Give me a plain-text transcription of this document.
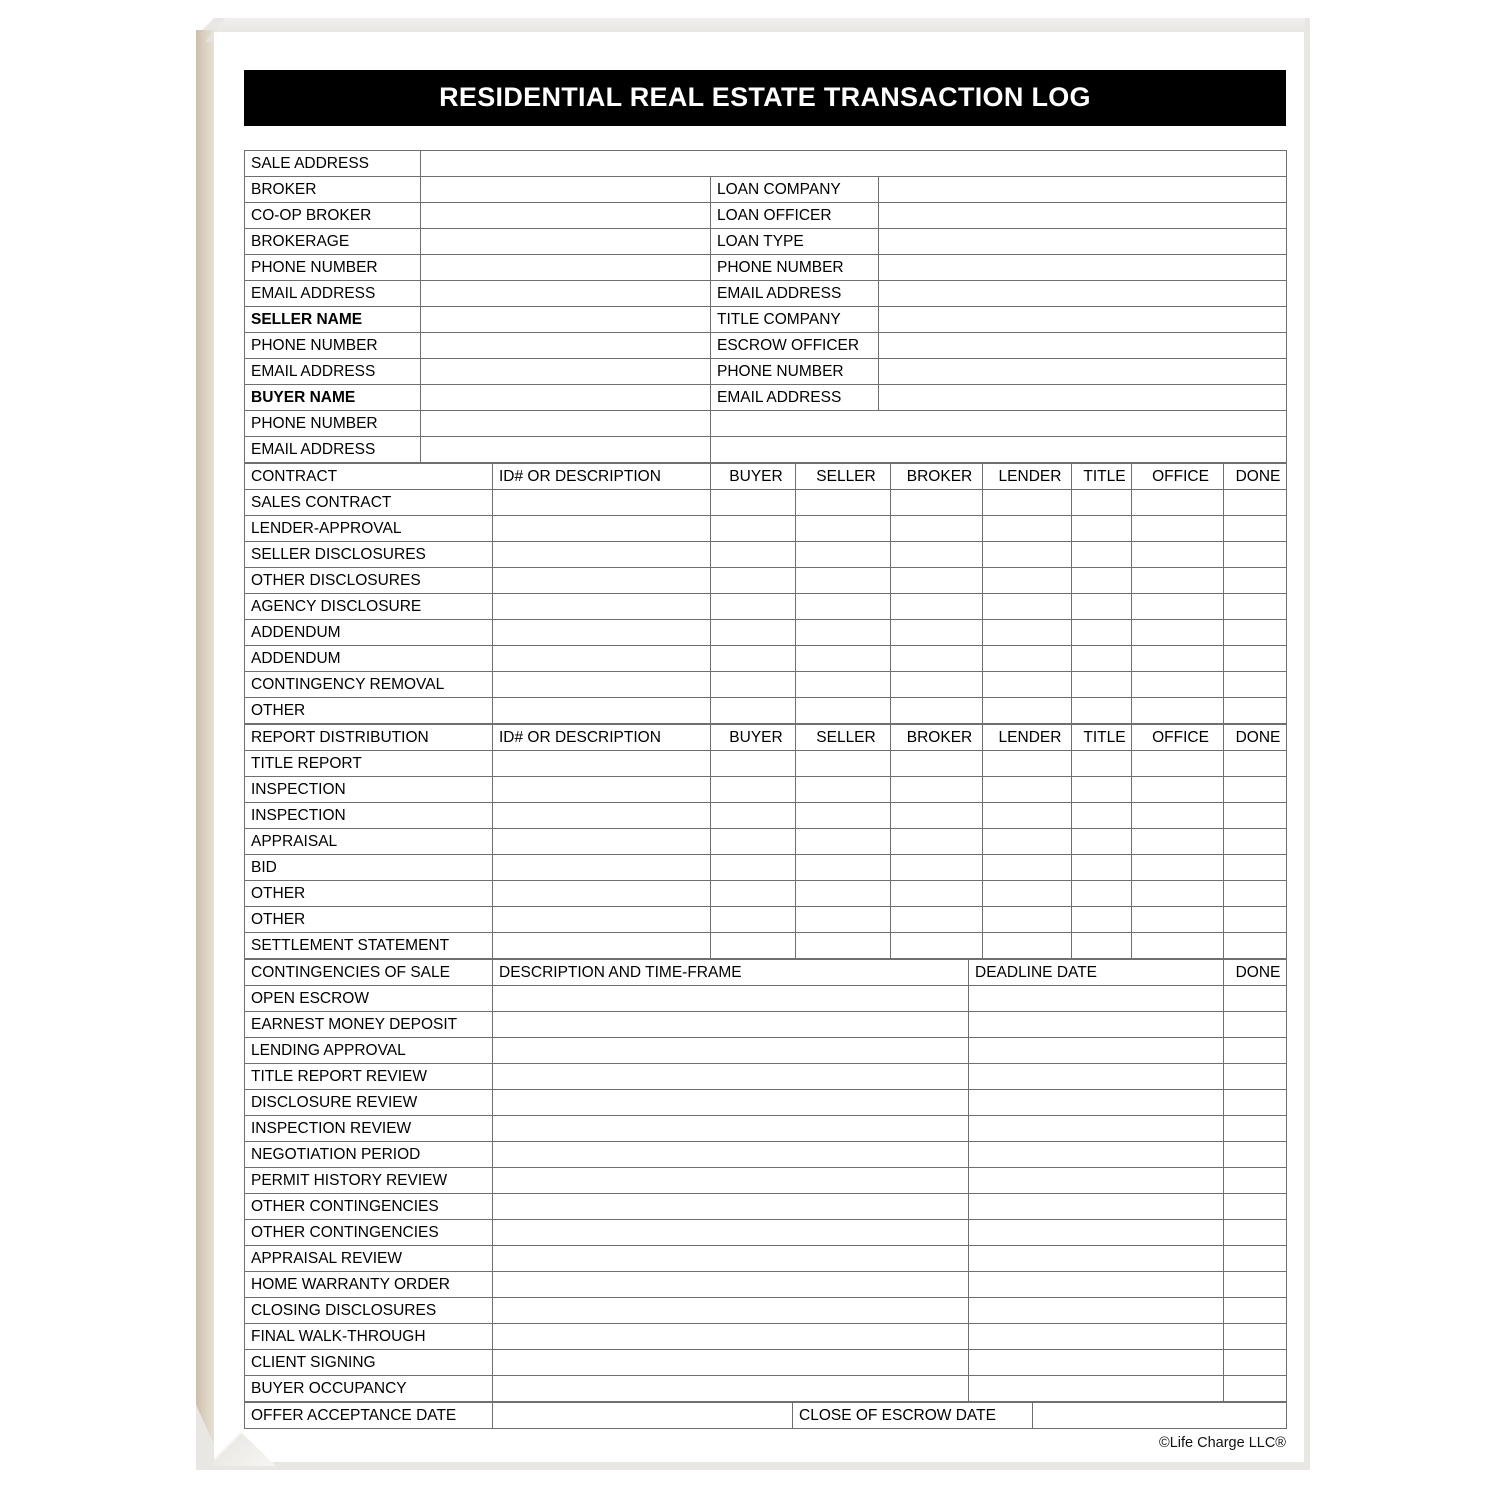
RESIDENTIAL REAL ESTATE TRANSACTION LOG
SALE ADDRESS			
BROKER		LOAN COMPANY	
CO-OP BROKER		LOAN OFFICER	
BROKERAGE		LOAN TYPE	
PHONE NUMBER		PHONE NUMBER	
EMAIL ADDRESS		EMAIL ADDRESS	
SELLER NAME		TITLE COMPANY	
PHONE NUMBER		ESCROW OFFICER	
EMAIL ADDRESS		PHONE NUMBER	
BUYER NAME		EMAIL ADDRESS	
PHONE NUMBER			
EMAIL ADDRESS			
CONTRACT	ID# OR DESCRIPTION	BUYER	SELLER	BROKER	LENDER	TITLE	OFFICE	DONE
SALES CONTRACT								
LENDER-APPROVAL								
SELLER DISCLOSURES								
OTHER DISCLOSURES								
AGENCY DISCLOSURE								
ADDENDUM								
ADDENDUM								
CONTINGENCY REMOVAL								
OTHER								
REPORT DISTRIBUTION	ID# OR DESCRIPTION	BUYER	SELLER	BROKER	LENDER	TITLE	OFFICE	DONE
TITLE REPORT								
INSPECTION								
INSPECTION								
APPRAISAL								
BID								
OTHER								
OTHER								
SETTLEMENT STATEMENT								
CONTINGENCIES OF SALE	DESCRIPTION AND TIME-FRAME	DEADLINE DATE	DONE
OPEN ESCROW			
EARNEST MONEY DEPOSIT			
LENDING APPROVAL			
TITLE REPORT REVIEW			
DISCLOSURE REVIEW			
INSPECTION REVIEW			
NEGOTIATION PERIOD			
PERMIT HISTORY REVIEW			
OTHER CONTINGENCIES			
OTHER CONTINGENCIES			
APPRAISAL REVIEW			
HOME WARRANTY ORDER			
CLOSING DISCLOSURES			
FINAL WALK-THROUGH			
CLIENT SIGNING			
BUYER OCCUPANCY			
OFFER ACCEPTANCE DATE		CLOSE OF ESCROW DATE	
©Life Charge LLC®
